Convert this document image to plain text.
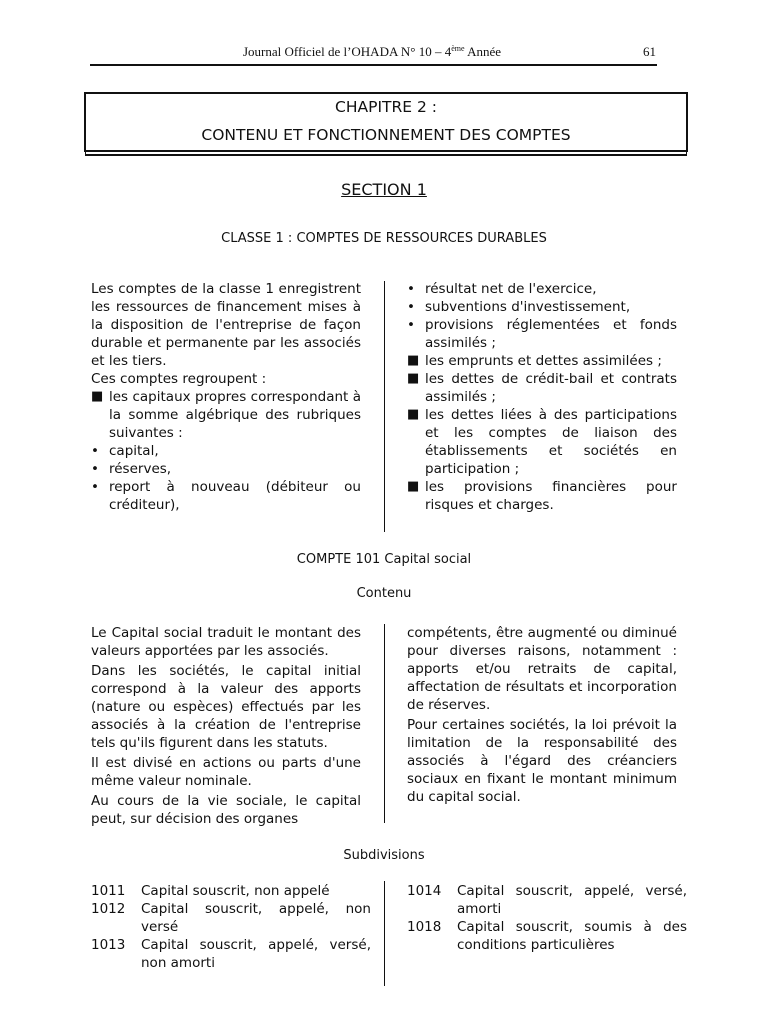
Journal Officiel de l’OHADA N° 10 – 4ème Année	61
CHAPITRE 2 :
CONTENU ET FONCTIONNEMENT DES COMPTES
SECTION 1
CLASSE 1 : COMPTES DE RESSOURCES DURABLES

Les comptes de la classe 1 enregistrent les ressources de financement mises à la disposition de l'entreprise de façon durable et permanente par les associés et les tiers.

Ces comptes regroupent :

■ les capitaux propres correspondant à la somme algébrique des rubriques suivantes :
• capital,
• réserves,
• report à nouveau (débiteur ou créditeur),
• résultat net de l'exercice,
• subventions d'investissement,
• provisions réglementées et fonds assimilés ;
■ les emprunts et dettes assimilées ;
■ les dettes de crédit-bail et contrats assimilés ;
■ les dettes liées à des participations et les comptes de liaison des établissements et sociétés en participation ;
■ les provisions financières pour risques et charges.
COMPTE 101 Capital social
Contenu

Le Capital social traduit le montant des valeurs apportées par les associés.

Dans les sociétés, le capital initial correspond à la valeur des apports (nature ou espèces) effectués par les associés à la création de l'entreprise tels qu'ils figurent dans les statuts.

Il est divisé en actions ou parts d'une même valeur nominale.

Au cours de la vie sociale, le capital peut, sur décision des organes

compétents, être augmenté ou diminué pour diverses raisons, notamment : apports et/ou retraits de capital, affectation de résultats et incorporation de réserves.

Pour certaines sociétés, la loi prévoit la limitation de la responsabilité des associés à l'égard des créanciers sociaux en fixant le montant minimum du capital social.

Subdivisions
1011	Capital souscrit, non appelé
1012	Capital souscrit, appelé, non versé
1013	Capital souscrit, appelé, versé, non amorti
1014	Capital souscrit, appelé, versé, amorti
1018	Capital souscrit, soumis à des conditions particulières
